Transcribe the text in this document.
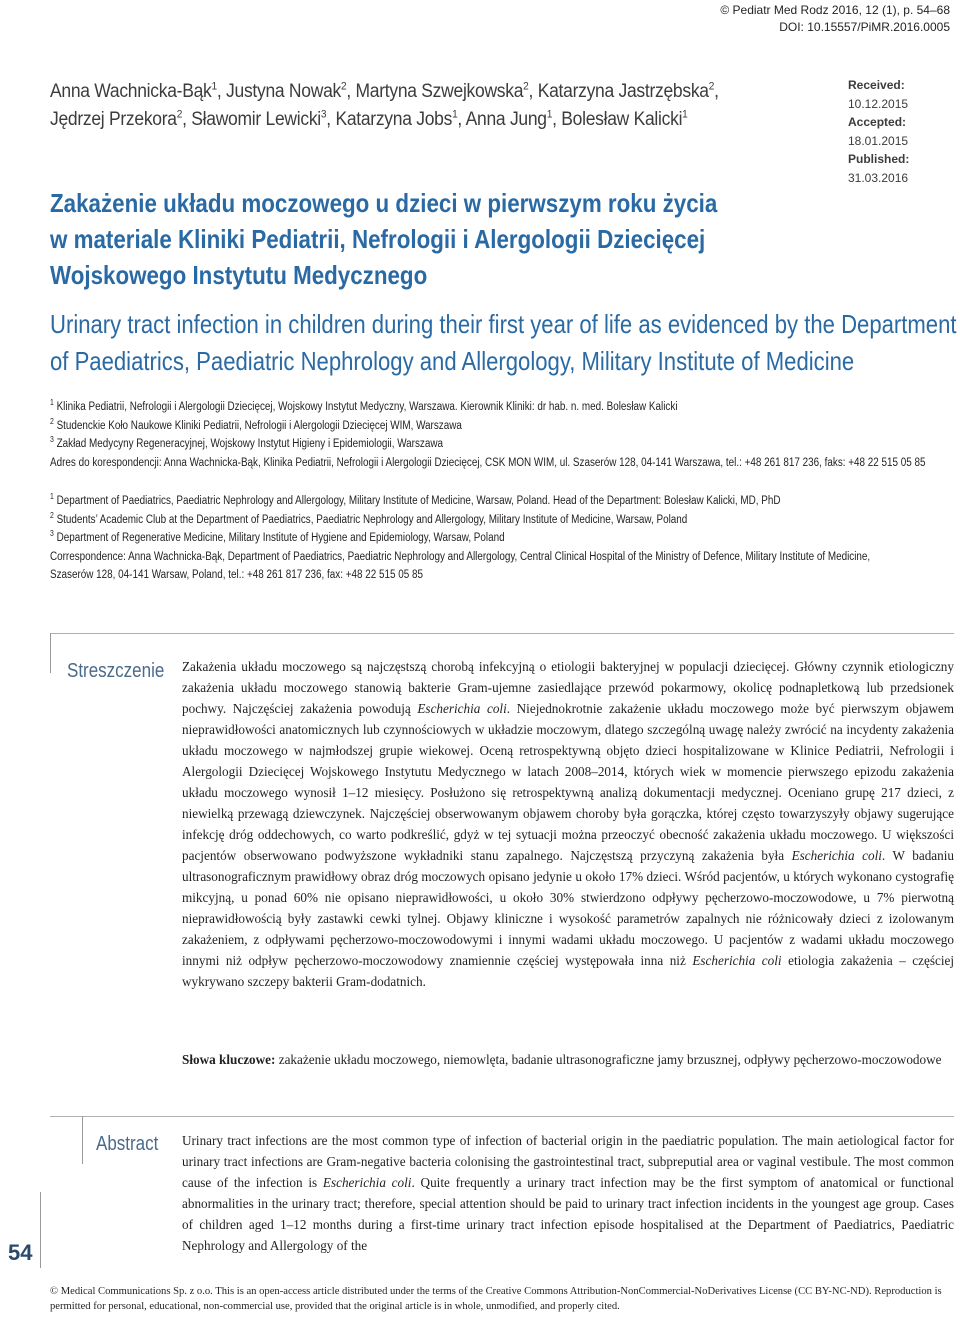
© Pediatr Med Rodz 2016, 12 (1), p. 54–68
DOI: 10.15557/PiMR.2016.0005
Anna Wachnicka-Bąk$^1$, Justyna Nowak$^2$, Martyna Szwejkowska$^2$, Katarzyna Jastrzębska$^2$,
Jędrzej Przekora$^2$, Sławomir Lewicki$^3$, Katarzyna Jobs$^1$, Anna Jung$^1$, Bolesław Kalicki$^1$
Received: 10.12.2015
Accepted: 18.01.2015
Published: 31.03.2016
Zakażenie układu moczowego u dzieci w pierwszym roku życia
w materiale Kliniki Pediatrii, Nefrologii i Alergologii Dziecięcej
Wojskowego Instytutu Medycznego
Urinary tract infection in children during their first year of life as evidenced by the Department
of Paediatrics, Paediatric Nephrology and Allergology, Military Institute of Medicine
$^1$ Klinika Pediatrii, Nefrologii i Alergologii Dziecięcej, Wojskowy Instytut Medyczny, Warszawa. Kierownik Kliniki: dr hab. n. med. Bolesław Kalicki
$^2$ Studenckie Koło Naukowe Kliniki Pediatrii, Nefrologii i Alergologii Dziecięcej WIM, Warszawa
$^3$ Zakład Medycyny Regeneracyjnej, Wojskowy Instytut Higieny i Epidemiologii, Warszawa
Adres do korespondencji: Anna Wachnicka-Bąk, Klinika Pediatrii, Nefrologii i Alergologii Dziecięcej, CSK MON WIM, ul. Szaserów 128, 04-141 Warszawa, tel.: +48 261 817 236, faks: +48 22 515 05 85
$^1$ Department of Paediatrics, Paediatric Nephrology and Allergology, Military Institute of Medicine, Warsaw, Poland. Head of the Department: Bolesław Kalicki, MD, PhD
$^2$ Students’ Academic Club at the Department of Paediatrics, Paediatric Nephrology and Allergology, Military Institute of Medicine, Warsaw, Poland
$^3$ Department of Regenerative Medicine, Military Institute of Hygiene and Epidemiology, Warsaw, Poland
Correspondence: Anna Wachnicka-Bąk, Department of Paediatrics, Paediatric Nephrology and Allergology, Central Clinical Hospital of the Ministry of Defence, Military Institute of Medicine,
Szaserów 128, 04-141 Warsaw, Poland, tel.: +48 261 817 236, fax: +48 22 515 05 85
Streszczenie Zakażenia układu moczowego są najczęstszą chorobą infekcyjną o etiologii bakteryjnej w populacji dziecięcej. Główny czynnik etiologiczny zakażenia układu moczowego stanowią bakterie Gram-ujemne zasiedlające przewód pokarmowy, okolicę podnapletkową lub przedsionek pochwy. Najczęściej zakażenia powodują Escherichia coli. Niejednokrotnie zakażenie układu moczowego może być pierwszym objawem nieprawidłowości anatomicznych lub czynnościowych w układzie moczowym, dlatego szczególną uwagę należy zwrócić na incydenty zakażenia układu moczowego w najmłodszej grupie wiekowej. Oceną retrospektywną objęto dzieci hospitalizowane w Klinice Pediatrii, Nefrologii i Alergologii Dziecięcej Wojskowego Instytutu Medycznego w latach 2008–2014, których wiek w momencie pierwszego epizodu zakażenia układu moczowego wynosił 1–12 miesięcy. Posłużono się retrospektywną analizą dokumentacji medycznej. Oceniano grupę 217 dzieci, z niewielką przewagą dziewczynek. Najczęściej obserwowanym objawem choroby była gorączka, której często towarzyszyły objawy sugerujące infekcję dróg oddechowych, co warto podkreślić, gdyż w tej sytuacji można przeoczyć obecność zakażenia układu moczowego. U większości pacjentów obserwowano podwyższone wykładniki stanu zapalnego. Najczęstszą przyczyną zakażenia była Escherichia coli. W badaniu ultrasonograficznym prawidłowy obraz dróg moczowych opisano jedynie u około 17% dzieci. Wśród pacjentów, u których wykonano cystografię mikcyjną, u ponad 60% nie opisano nieprawidłowości, u około 30% stwierdzono odpływy pęcherzowo-moczowodowe, u 7% pierwotną nieprawidłowością były zastawki cewki tylnej. Objawy kliniczne i wysokość parametrów zapalnych nie różnicowały dzieci z izolowanym zakażeniem, z odpływami pęcherzowo-moczowodowymi i innymi wadami układu moczowego. U pacjentów z wadami układu moczowego innymi niż odpływ pęcherzowo-moczowodowy znamiennie częściej występowała inna niż Escherichia coli etiologia zakażenia – częściej wykrywano szczepy bakterii Gram-dodatnich.
Słowa kluczowe: zakażenie układu moczowego, niemowlęta, badanie ultrasonograficzne jamy brzusznej, odpływy pęcherzowo-moczowodowe
Abstract Urinary tract infections are the most common type of infection of bacterial origin in the paediatric population. The main aetiological factor for urinary tract infections are Gram-negative bacteria colonising the gastrointestinal tract, subpreputial area or vaginal vestibule. The most common cause of the infection is Escherichia coli. Quite frequently a urinary tract infection may be the first symptom of anatomical or functional abnormalities in the urinary tract; therefore, special attention should be paid to urinary tract infection incidents in the youngest age group. Cases of children aged 1–12 months during a first-time urinary tract infection episode hospitalised at the Department of Paediatrics, Paediatric Nephrology and Allergology of the
54
© Medical Communications Sp. z o.o. This is an open-access article distributed under the terms of the Creative Commons Attribution-NonCommercial-NoDerivatives License (CC BY-NC-ND). Reproduction is permitted for personal, educational, non-commercial use, provided that the original article is in whole, unmodified, and properly cited.
